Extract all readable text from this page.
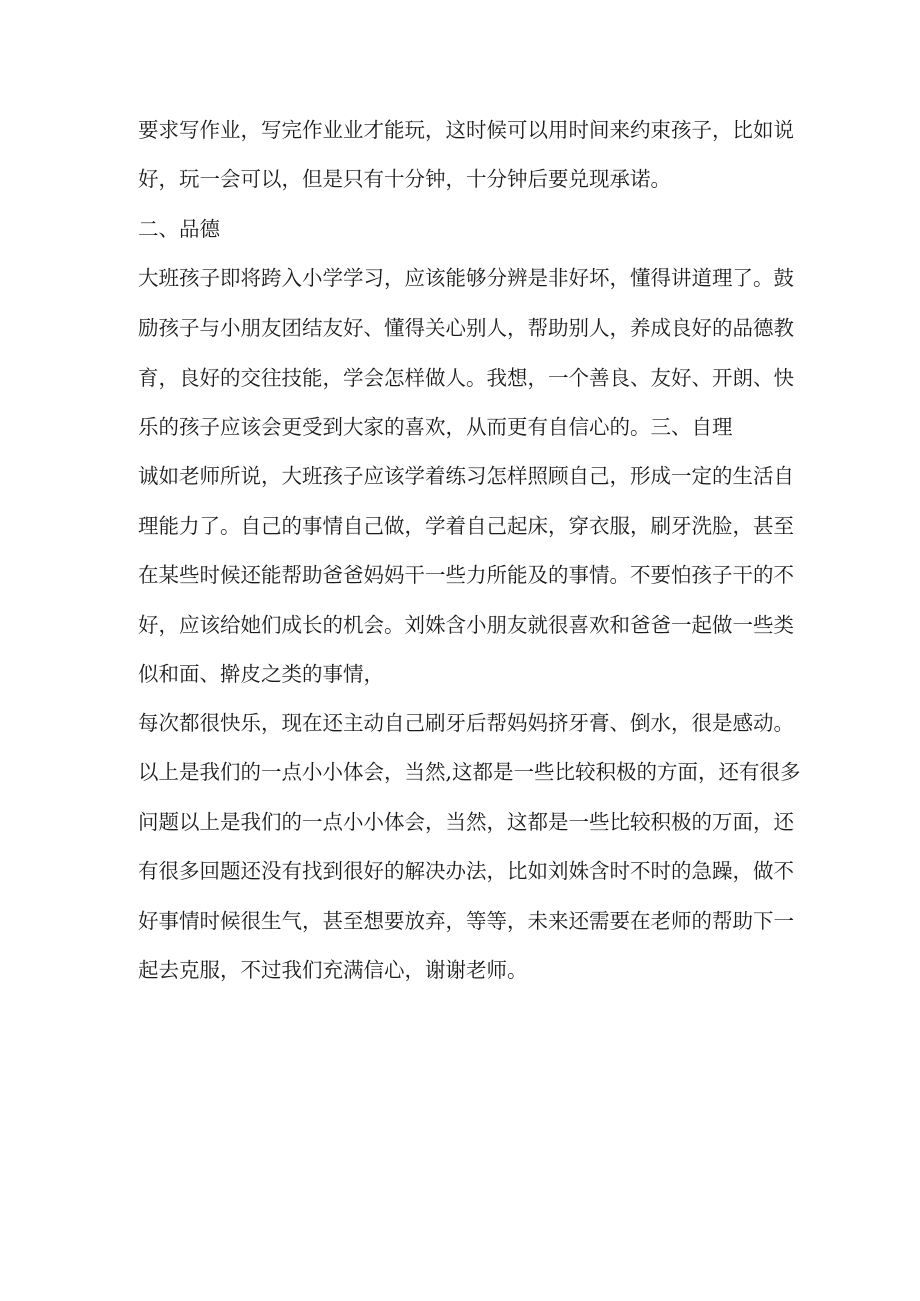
要求写作业，写完作业业才能玩，这时候可以用时间来约束孩子，比如说
好，玩一会可以，但是只有十分钟，十分钟后要兑现承诺。
二、品德
大班孩子即将跨入小学学习，应该能够分辨是非好坏，懂得讲道理了。鼓
励孩子与小朋友团结友好、懂得关心别人，帮助别人，养成良好的品德教
育，良好的交往技能，学会怎样做人。我想，一个善良、友好、开朗、快
乐的孩子应该会更受到大家的喜欢，从而更有自信心的。三、自理
诚如老师所说，大班孩子应该学着练习怎样照顾自己，形成一定的生活自
理能力了。自己的事情自己做，学着自己起床，穿衣服，刷牙洗脸，甚至
在某些时候还能帮助爸爸妈妈干一些力所能及的事情。不要怕孩子干的不
好，应该给她们成长的机会。刘姝含小朋友就很喜欢和爸爸一起做一些类
似和面、擀皮之类的事情，
每次都很快乐，现在还主动自己刷牙后帮妈妈挤牙膏、倒水，很是感动。
以上是我们的一点小小体会，当然,这都是一些比较积极的方面，还有很多
问题以上是我们的一点小小体会，当然，这都是一些比较积极的万面，还
有很多回题还没有找到很好的解决办法，比如刘姝含时不时的急躁，做不
好事情时候很生气，甚至想要放弃，等等，未来还需要在老师的帮助下一
起去克服，不过我们充满信心，谢谢老师。
